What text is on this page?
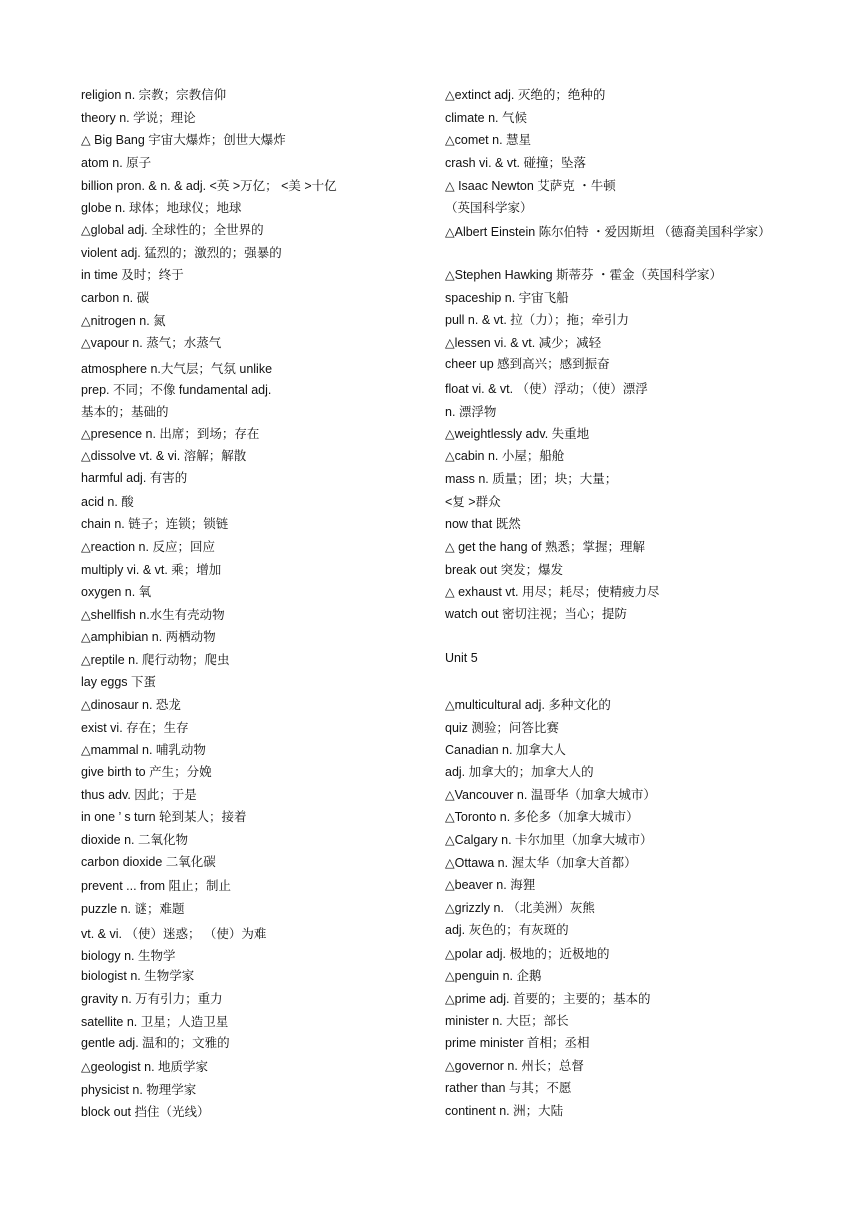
religion n. 宗教；宗教信仰
theory n. 学说；理论
△ Big Bang 宇宙大爆炸；创世大爆炸
atom n. 原子
billion pron. & n. & adj. <英 >万亿； <美 >十亿
globe n. 球体；地球仪；地球
△global adj. 全球性的；全世界的
violent adj. 猛烈的；激烈的；强暴的
in time 及时；终于
carbon n. 碳
△nitrogen n. 氮
△vapour n. 蒸气；水蒸气
atmosphere n.大气层；气氛 unlike
prep. 不同；不像 fundamental adj.
基本的；基础的
△presence n. 出席；到场；存在
△dissolve vt. & vi. 溶解；解散
harmful adj. 有害的
acid n. 酸
chain n. 链子；连锁；锁链
△reaction n. 反应；回应
multiply vi. & vt. 乘；增加
oxygen n. 氧
△shellfish n.水生有壳动物
△amphibian n. 两栖动物
△reptile n. 爬行动物；爬虫
lay eggs 下蛋
△dinosaur n. 恐龙
exist vi. 存在；生存
△mammal n. 哺乳动物
give birth to 产生；分娩
thus adv. 因此；于是
in one ’ s turn 轮到某人；接着
dioxide n. 二氧化物
carbon dioxide 二氧化碳
prevent ... from 阻止；制止
puzzle n. 谜；难题
vt. & vi. （使）迷惑； （使）为难
biology n. 生物学
biologist n. 生物学家
gravity n. 万有引力；重力
satellite n. 卫星；人造卫星
gentle adj. 温和的；文雅的
△geologist n. 地质学家
physicist n. 物理学家
block out 挡住（光线）
△extinct adj. 灭绝的；绝种的
climate n. 气候
△comet n. 慧星
crash vi. & vt. 碰撞；坠落
△ Isaac Newton 艾萨克 ・牛顿
（英国科学家）
△Albert Einstein 陈尔伯特 ・爱因斯坦 （德裔美国科学家）
△Stephen Hawking 斯蒂芬 ・霍金（英国科学家）
spaceship n. 宇宙飞船
pull n. & vt. 拉（力）；拖；牵引力
△lessen vi. & vt. 减少；减轻
cheer up 感到高兴；感到振奋
float vi. & vt. （使）浮动；（使）漂浮
n. 漂浮物
△weightlessly adv. 失重地
△cabin n. 小屋；船舱
mass n. 质量；团；块；大量；
<复 >群众
now that 既然
△ get the hang of 熟悉；掌握；理解
break out 突发；爆发
△ exhaust vt. 用尽；耗尽；使精疲力尽
watch out 密切注视；当心；提防
Unit 5
△multicultural adj. 多种文化的
quiz 测验；问答比赛
Canadian n. 加拿大人
adj. 加拿大的；加拿大人的
△Vancouver n. 温哥华（加拿大城市）
△Toronto n. 多伦多（加拿大城市）
△Calgary n. 卡尔加里（加拿大城市）
△Ottawa n. 渥太华（加拿大首都）
△beaver n. 海狸
△grizzly n. （北美洲）灰熊
adj. 灰色的；有灰斑的
△polar adj. 极地的；近极地的
△penguin n. 企鹅
△prime adj. 首要的；主要的；基本的
minister n. 大臣；部长
prime minister 首相；丞相
△governor n. 州长；总督
rather than 与其；不愿
continent n. 洲；大陆
